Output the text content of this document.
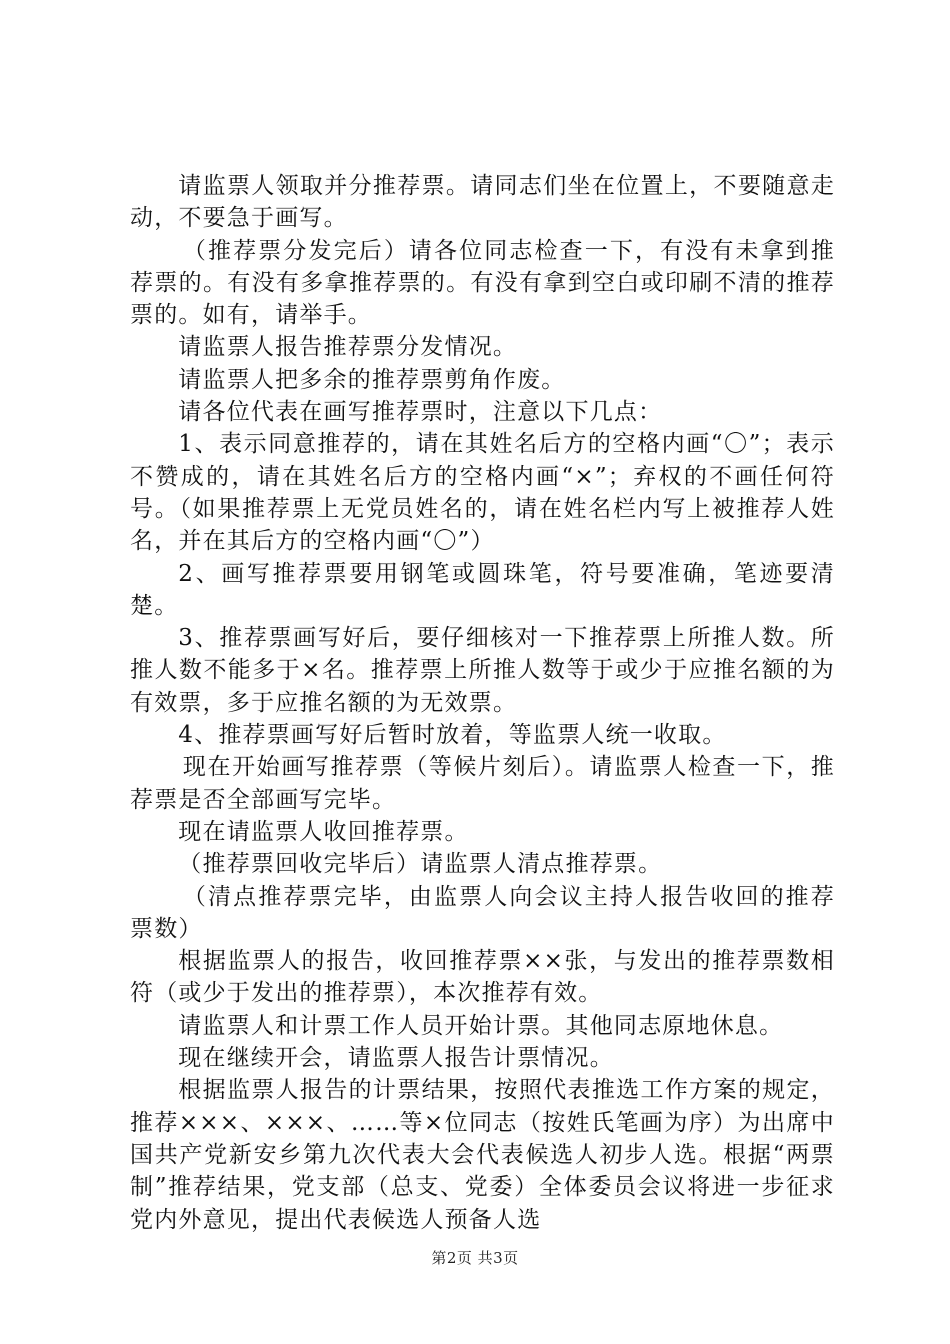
请监票人领取并分推荐票。请同志们坐在位置上，不要随意走动，不要急于画写。

（推荐票分发完后）请各位同志检查一下，有没有未拿到推荐票的。有没有多拿推荐票的。有没有拿到空白或印刷不清的推荐票的。如有，请举手。

请监票人报告推荐票分发情况。

请监票人把多余的推荐票剪角作废。

请各位代表在画写推荐票时，注意以下几点：

1、表示同意推荐的，请在其姓名后方的空格内画“〇”；表示不赞成的，请在其姓名后方的空格内画“×”；弃权的不画任何符号。（如果推荐票上无党员姓名的，请在姓名栏内写上被推荐人姓名，并在其后方的空格内画“〇”）

2、画写推荐票要用钢笔或圆珠笔，符号要准确，笔迹要清楚。

3、推荐票画写好后，要仔细核对一下推荐票上所推人数。所推人数不能多于×名。推荐票上所推人数等于或少于应推名额的为有效票，多于应推名额的为无效票。

4、推荐票画写好后暂时放着，等监票人统一收取。

现在开始画写推荐票（等候片刻后）。请监票人检查一下，推荐票是否全部画写完毕。

现在请监票人收回推荐票。

（推荐票回收完毕后）请监票人清点推荐票。

（清点推荐票完毕，由监票人向会议主持人报告收回的推荐票数）

根据监票人的报告，收回推荐票××张，与发出的推荐票数相符（或少于发出的推荐票），本次推荐有效。

请监票人和计票工作人员开始计票。其他同志原地休息。

现在继续开会，请监票人报告计票情况。

根据监票人报告的计票结果，按照代表推选工作方案的规定，推荐×××、×××、……等×位同志（按姓氏笔画为序）为出席中国共产党新安乡第九次代表大会代表候选人初步人选。根据“两票制”推荐结果，党支部（总支、党委）全体委员会议将进一步征求党内外意见，提出代表候选人预备人选

第2页 共3页
